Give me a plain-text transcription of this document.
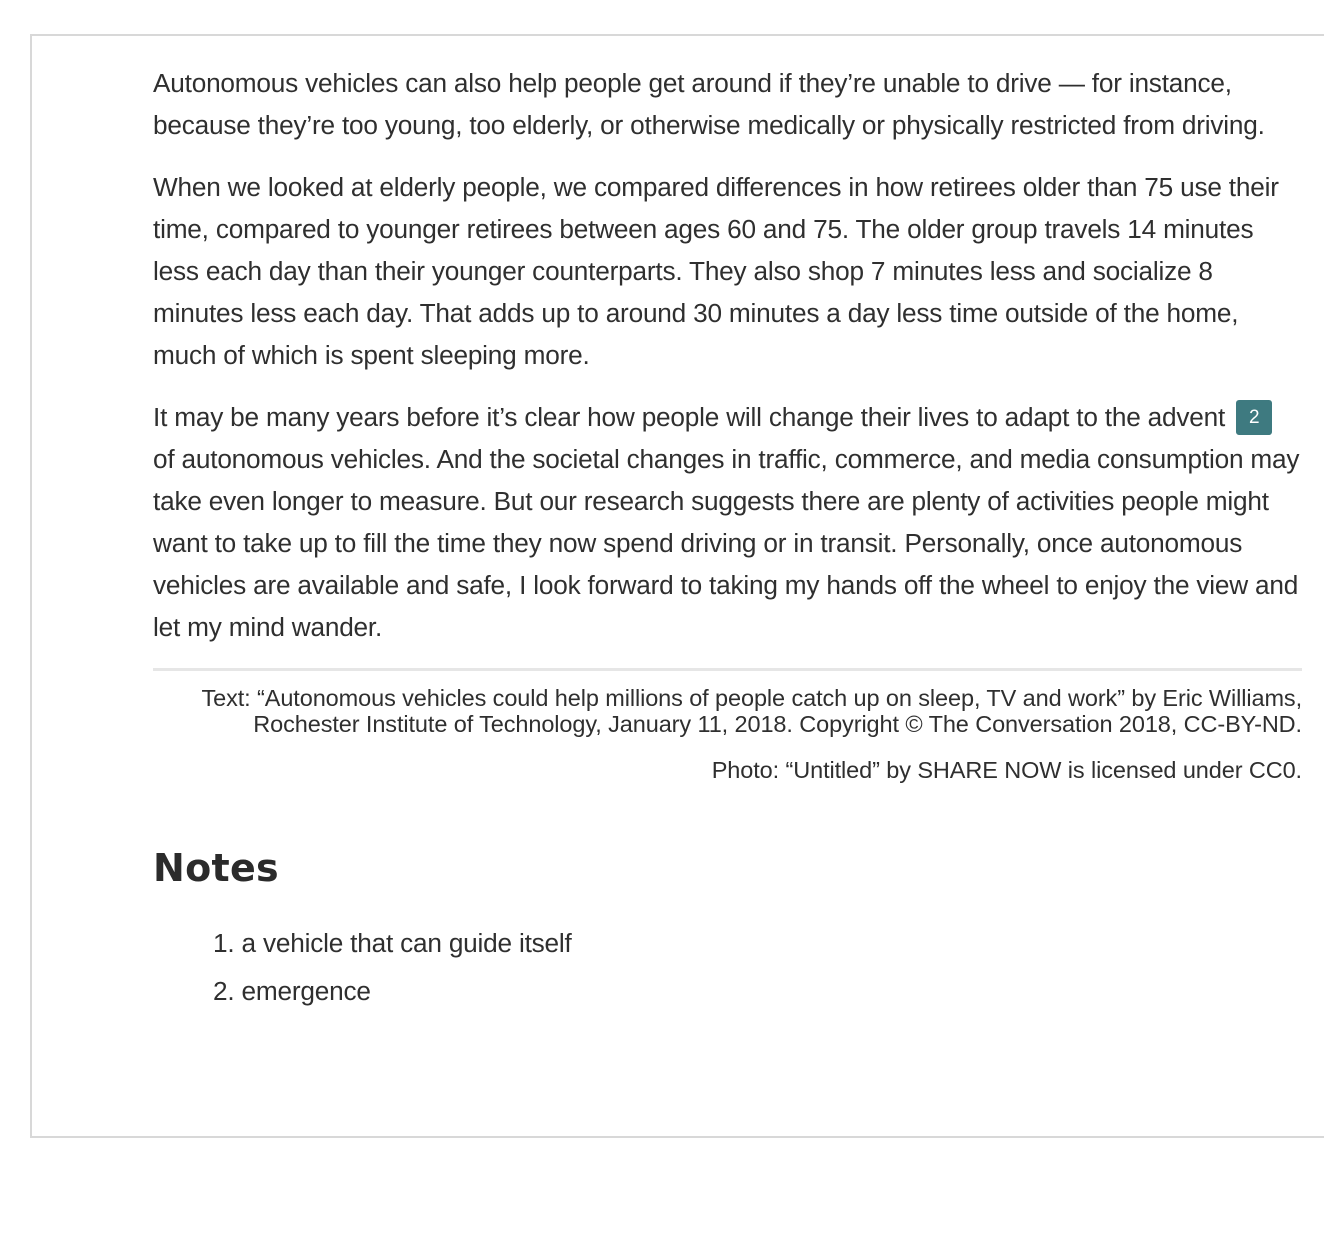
Autonomous vehicles can also help people get around if they’re unable to drive — for instance, because they’re too young, too elderly, or otherwise medically or physically restricted from driving.

When we looked at elderly people, we compared differences in how retirees older than 75 use their time, compared to younger retirees between ages 60 and 75. The older group travels 14 minutes less each day than their younger counterparts. They also shop 7 minutes less and socialize 8 minutes less each day. That adds up to around 30 minutes a day less time outside of the home, much of which is spent sleeping more.

It may be many years before it’s clear how people will change their lives to adapt to the advent 2 of autonomous vehicles. And the societal changes in traffic, commerce, and media consumption may take even longer to measure. But our research suggests there are plenty of activities people might want to take up to fill the time they now spend driving or in transit. Personally, once autonomous vehicles are available and safe, I look forward to taking my hands off the wheel to enjoy the view and let my mind wander.

Text: “Autonomous vehicles could help millions of people catch up on sleep, TV and work” by Eric Williams, Rochester Institute of Technology, January 11, 2018. Copyright © The Conversation 2018, CC-BY-ND.

Photo: “Untitled” by SHARE NOW is licensed under CC0.

Notes
1. a vehicle that can guide itself
2. emergence
